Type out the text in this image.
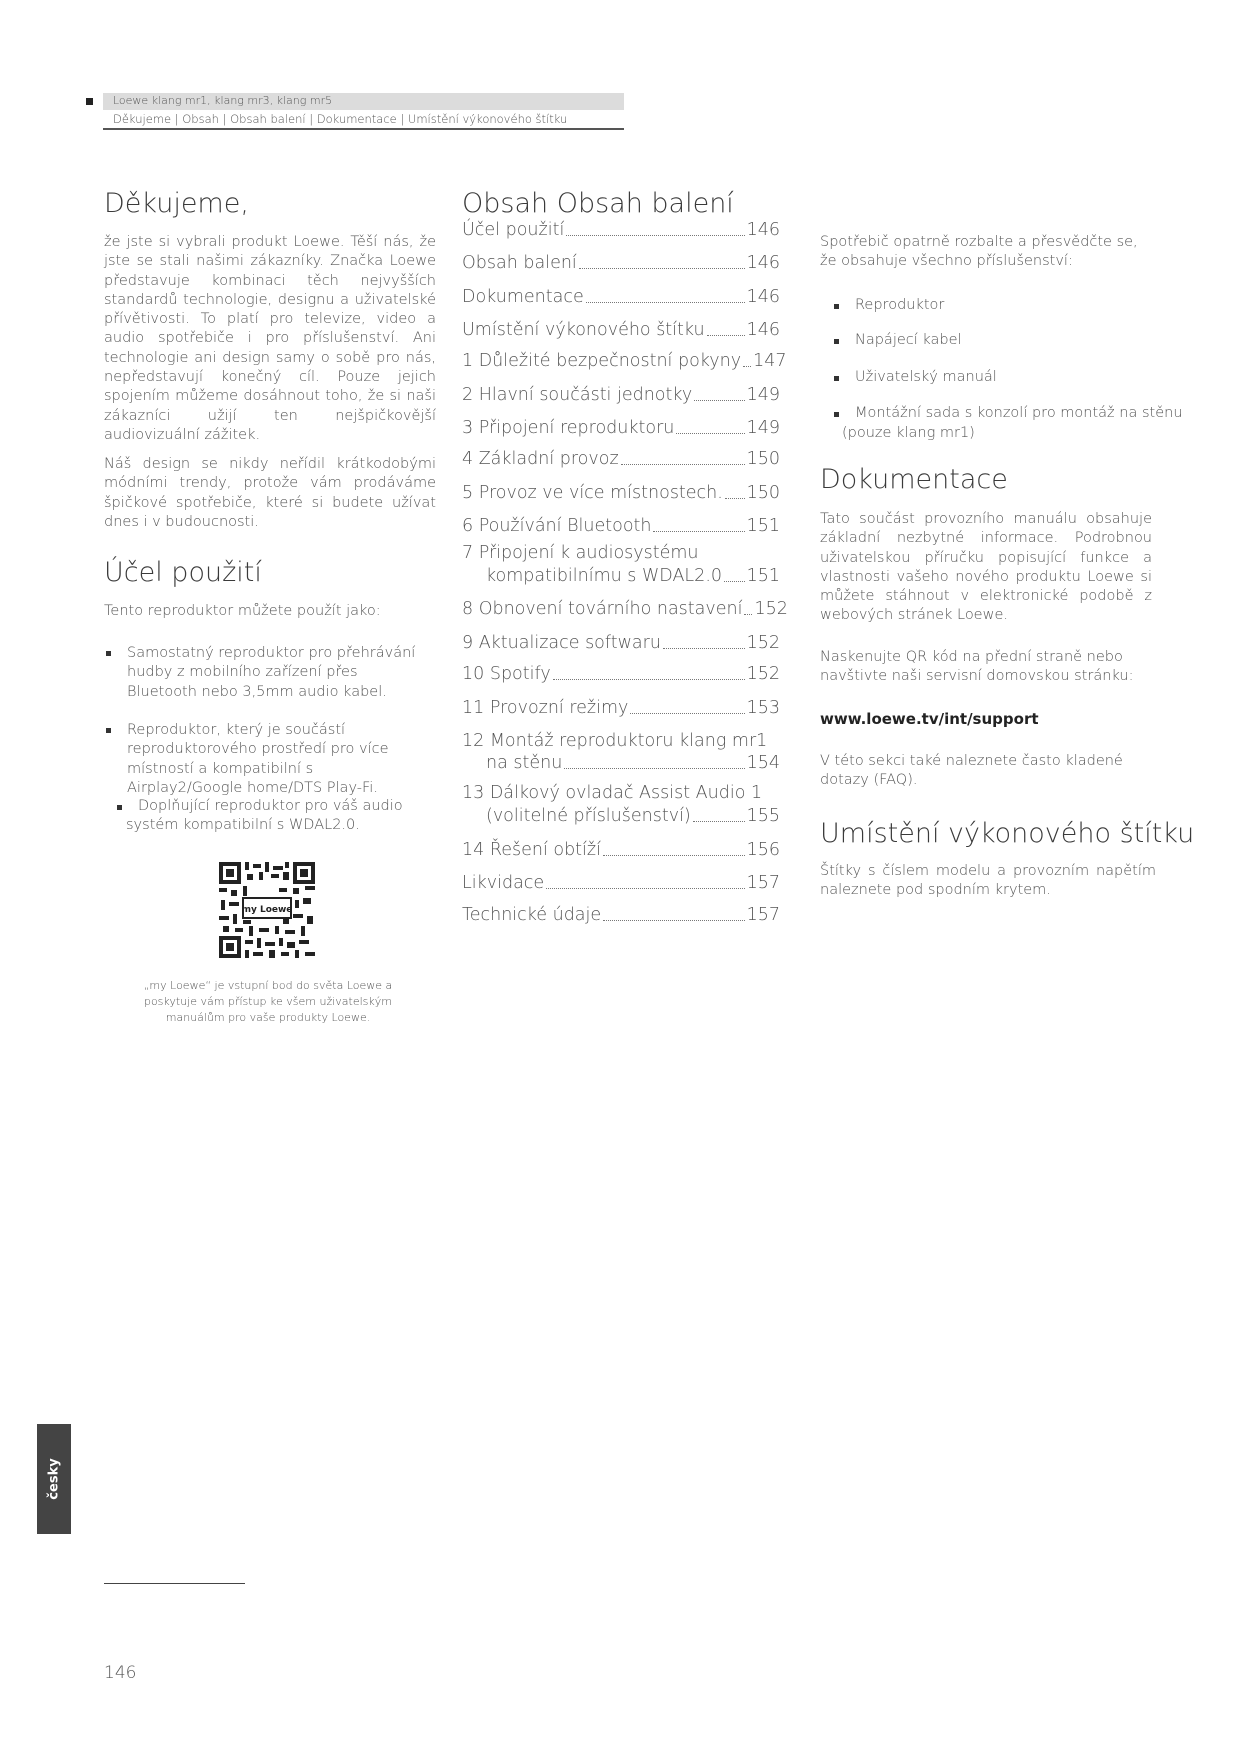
Loewe klang mr1, klang mr3, klang mr5
Děkujeme | Obsah | Obsah balení | Dokumentace | Umístění výkonového štítku
Děkujeme,

že jste si vybrali produkt Loewe. Těší nás, že jste se stali našimi zákazníky. Značka Loewe představuje kombinaci těch nejvyšších standardů technologie, designu a uživatelské přívětivosti. To platí pro televize, video a audio spotřebiče i pro příslušenství. Ani technologie ani design samy o sobě pro nás, nepředstavují konečný cíl. Pouze jejich spojením můžeme dosáhnout toho, že si naši zákazníci užijí ten nejšpičkovější audiovizuální zážitek.

Náš design se nikdy neřídil krátkodobými módními trendy, protože vám prodáváme špičkové spotřebiče, které si budete užívat dnes i v budoucnosti.

Účel použití

Tento reproduktor můžete použít jako:

Samostatný reproduktor pro přehrávání hudby z mobilního zařízení přes Bluetooth nebo 3,5mm audio kabel.

Reproduktor, který je součástí reproduktorového prostředí pro více místností a kompatibilní s Airplay2/Google home/DTS Play-Fi.

Doplňující reproduktor pro váš audio systém kompatibilní s WDAL2.0.

my Loewe

„my Loewe“ je vstupní bod do světa Loewe a poskytuje vám přístup ke všem uživatelským manuálům pro vaše produkty Loewe.

Obsah Obsah balení
Účel použití	146
Obsah balení	146
Dokumentace	146
Umístění výkonového štítku 146
1 Důležité bezpečnostní pokyny 147
2 Hlavní součásti jednotky	149
3 Připojení reproduktoru	149
4 Základní provoz	150
5 Provoz ve více místnostech. 150
6 Používání Bluetooth	151
7 Připojení k audiosystému
kompatibilnímu s WDAL2.0 151
8 Obnovení továrního nastavení 152
9 Aktualizace softwaru	152
10 Spotify	152
11 Provozní režimy	153
12 Montáž reproduktoru klang mr1
na stěnu	154
13 Dálkový ovladač Assist Audio 1
(volitelné příslušenství)	155
14 Řešení obtíží	156
Likvidace	157
Technické údaje	157

Spotřebič opatrně rozbalte a přesvědčte se, že obsahuje všechno příslušenství:

Reproduktor
Napájecí kabel
Uživatelský manuál
Montážní sada s konzolí pro montáž na stěnu
(pouze klang mr1)
Dokumentace

Tato součást provozního manuálu obsahuje základní nezbytné informace. Podrobnou uživatelskou příručku popisující funkce a vlastnosti vašeho nového produktu Loewe si můžete stáhnout v elektronické podobě z webových stránek Loewe.

Naskenujte QR kód na přední straně nebo navštivte naši servisní domovskou stránku:

www.loewe.tv/int/support

V této sekci také naleznete často kladené dotazy (FAQ).

Umístění výkonového štítku

Štítky s číslem modelu a provozním napětím naleznete pod spodním krytem.

česky
146
